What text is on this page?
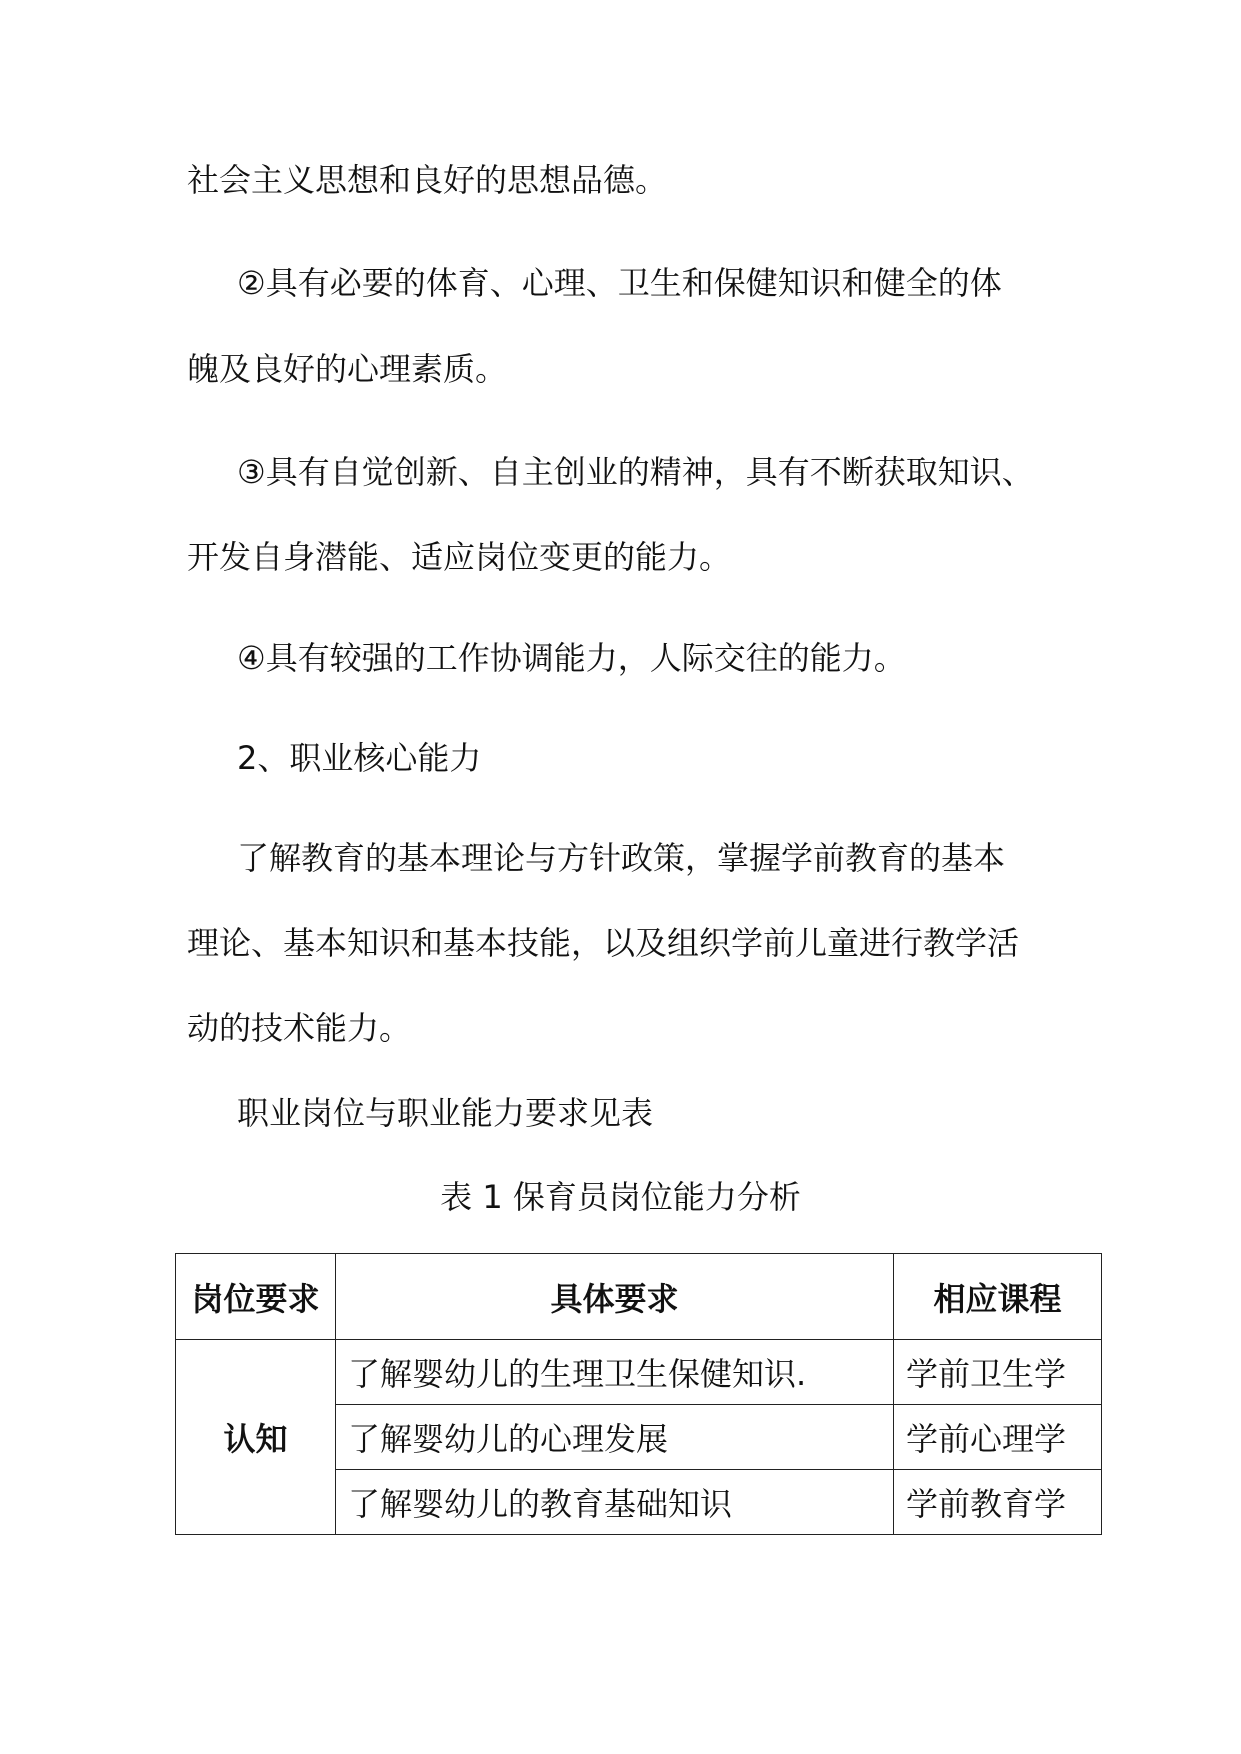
社会主义思想和良好的思想品德。

②具有必要的体育、心理、卫生和保健知识和健全的体

魄及良好的心理素质。

③具有自觉创新、自主创业的精神，具有不断获取知识、

开发自身潜能、适应岗位变更的能力。

④具有较强的工作协调能力，人际交往的能力。

2、职业核心能力

了解教育的基本理论与方针政策，掌握学前教育的基本

理论、基本知识和基本技能，以及组织学前儿童进行教学活

动的技术能力。

职业岗位与职业能力要求见表

表 1 保育员岗位能力分析

岗位要求	具体要求	相应课程
认知	了解婴幼儿的生理卫生保健知识.	学前卫生学
	了解婴幼儿的心理发展	学前心理学
	了解婴幼儿的教育基础知识	学前教育学
